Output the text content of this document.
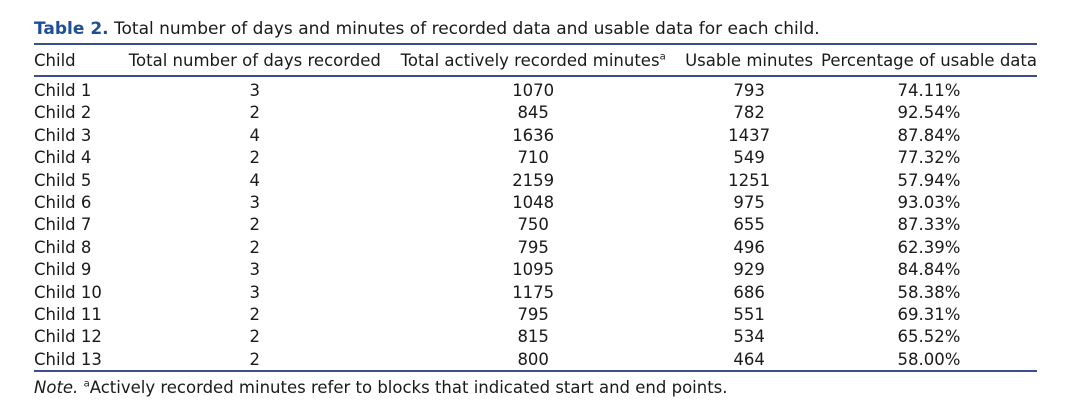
Table 2. Total number of days and minutes of recorded data and usable data for each child.
Child	Total number of days recorded	Total actively recorded minutes$^a$	Usable minutes	Percentage of usable data
Child 1	3	1070	793	74.11%
Child 2	2	845	782	92.54%
Child 3	4	1636	1437	87.84%
Child 4	2	710	549	77.32%
Child 5	4	2159	1251	57.94%
Child 6	3	1048	975	93.03%
Child 7	2	750	655	87.33%
Child 8	2	795	496	62.39%
Child 9	3	1095	929	84.84%
Child 10	3	1175	686	58.38%
Child 11	2	795	551	69.31%
Child 12	2	815	534	65.52%
Child 13	2	800	464	58.00%
Note. $^a$Actively recorded minutes refer to blocks that indicated start and end points.
